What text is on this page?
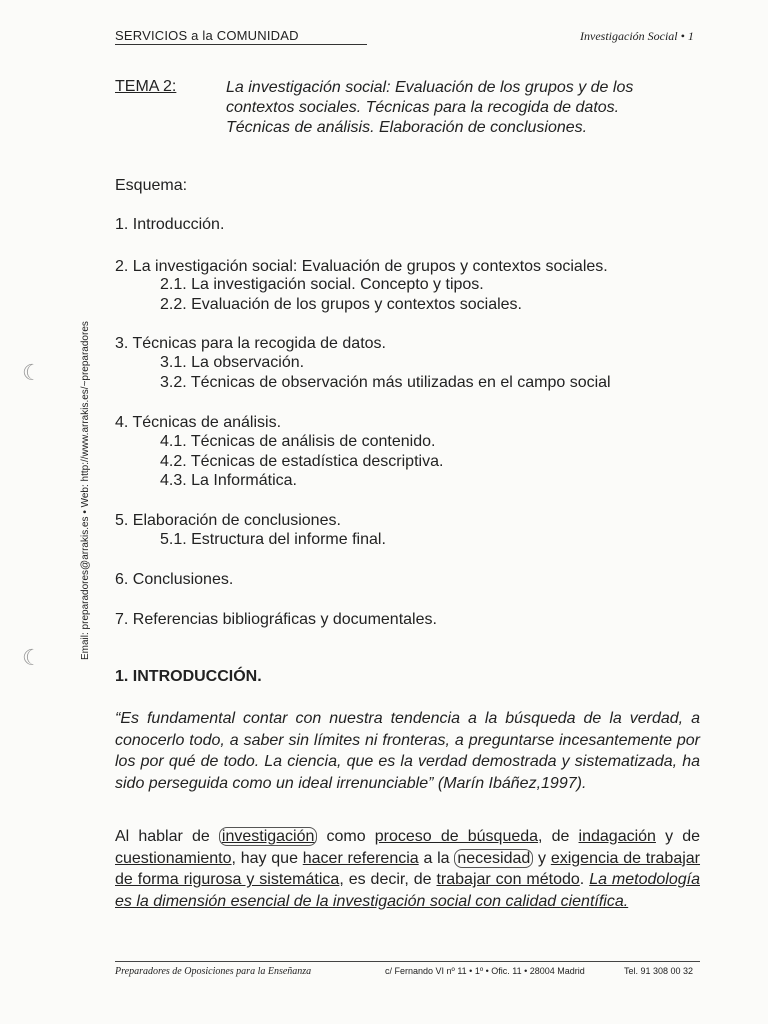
SERVICIOS a la COMUNIDAD	Investigación Social • 1
TEMA 2:	La investigación social: Evaluación de los grupos y de los
contextos sociales. Técnicas para la recogida de datos.
Técnicas de análisis. Elaboración de conclusiones.
Esquema:
1. Introducción.
2. La investigación social: Evaluación de grupos y contextos sociales.
2.1. La investigación social. Concepto y tipos.
2.2. Evaluación de los grupos y contextos sociales.
3. Técnicas para la recogida de datos.
3.1. La observación.
3.2. Técnicas de observación más utilizadas en el campo social
4. Técnicas de análisis.
4.1. Técnicas de análisis de contenido.
4.2. Técnicas de estadística descriptiva.
4.3. La Informática.
5. Elaboración de conclusiones.
5.1. Estructura del informe final.
6. Conclusiones.
7. Referencias bibliográficas y documentales.
Email: preparadores@arrakis.es • Web: http://www.arrakis.es/~preparadores
☾
☾
1. INTRODUCCIÓN.
“Es fundamental contar con nuestra tendencia a la búsqueda de la verdad, a conocerlo todo, a saber sin límites ni fronteras, a preguntarse incesantemente por los por qué de todo. La ciencia, que es la verdad demostrada y sistematizada, ha sido perseguida como un ideal irrenunciable” (Marín Ibáñez,1997).
Al hablar de investigación como proceso de búsqueda, de indagación y de cuestionamiento, hay que hacer referencia a la necesidad y exigencia de trabajar de forma rigurosa y sistemática, es decir, de trabajar con método. La metodología es la dimensión esencial de la investigación social con calidad científica.
Preparadores de Oposiciones para la Enseñanza	c/ Fernando VI nº 11 • 1º • Ofic. 11 • 28004 Madrid	Tel. 91 308 00 32
